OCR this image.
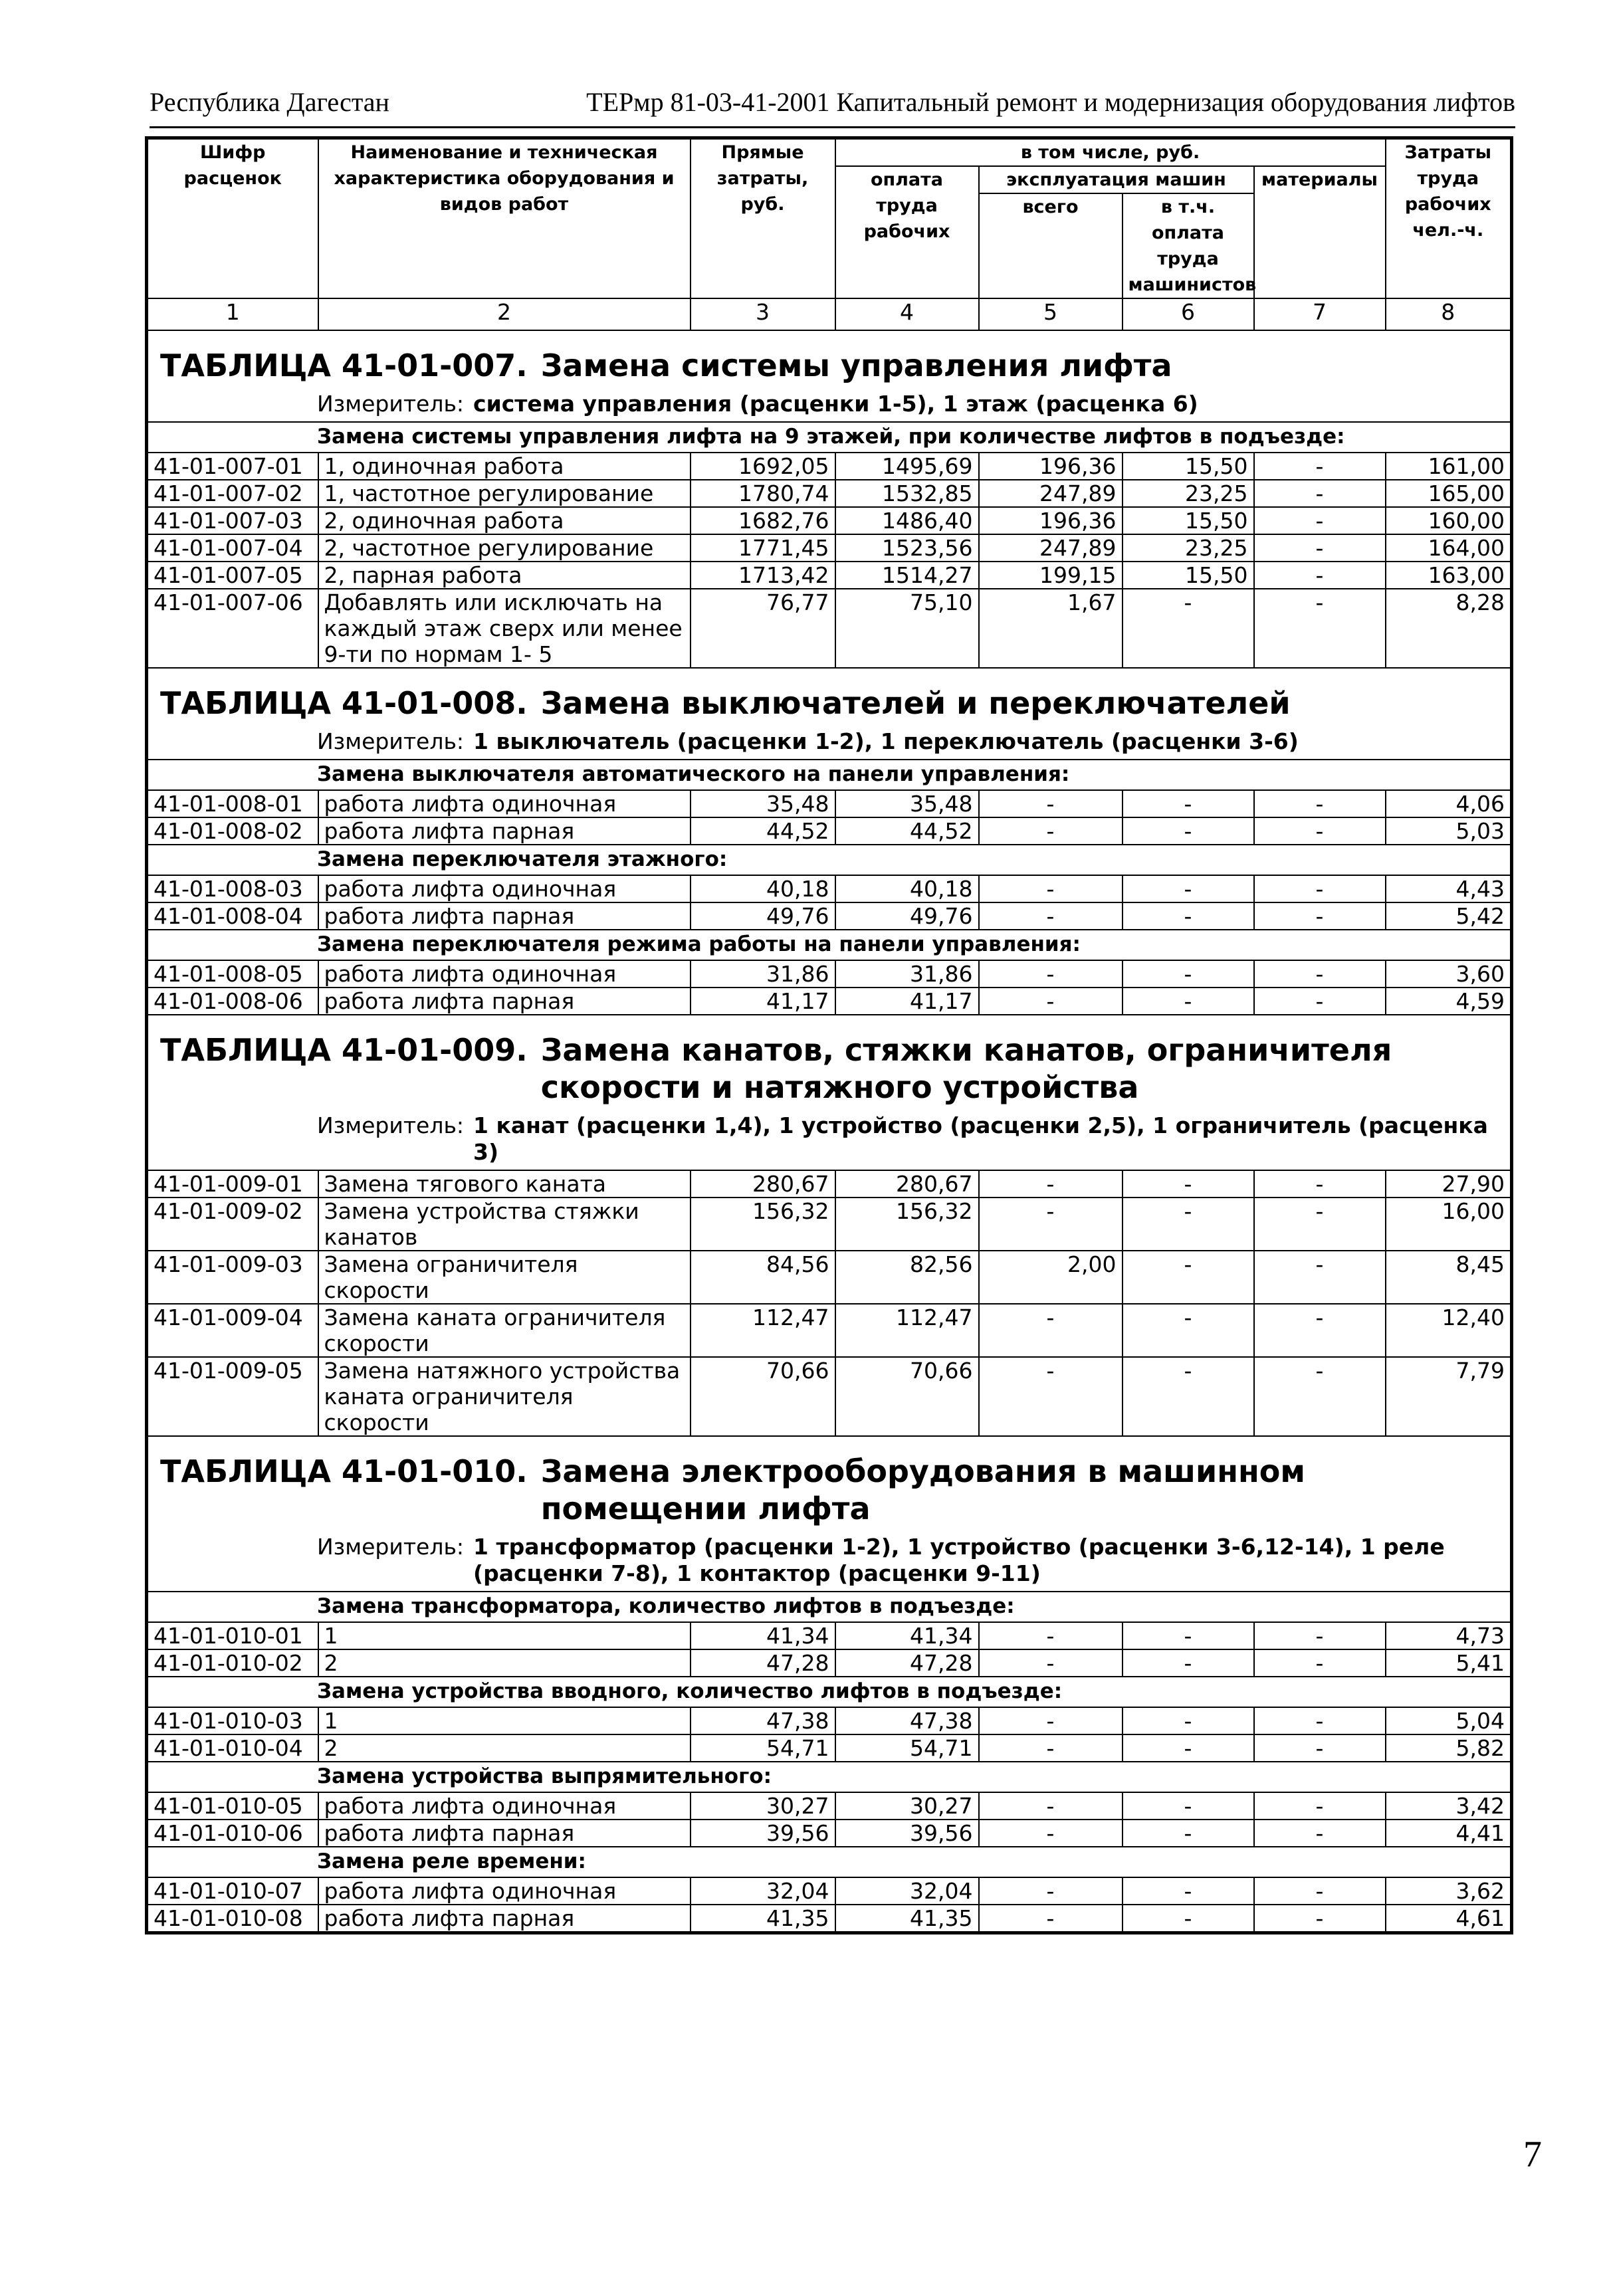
Республика Дагестан	ТЕРмр 81-03-41-2001 Капитальный ремонт и модернизация оборудования лифтов
Шифр расценок	Наименование и техническая характеристика оборудования и видов работ	Прямые затраты, руб.	в том числе, руб.				Затраты труда рабочих чел.-ч.
			оплата труда рабочих	эксплуатация машин		материалы	
				всего	в т.ч. оплата труда машинистов		
1	2	3	4	5	6	7	8

ТАБЛИЦА 41-01-007. Замена системы управления лифта
Измеритель: система управления (расценки 1-5), 1 этаж (расценка 6)							

Замена системы управления лифта на 9 этажей, при количестве лифтов в подъезде:							
41-01-007-01	1, одиночная работа	1692,05	1495,69	196,36	15,50	-	161,00
41-01-007-02	1, частотное регулирование	1780,74	1532,85	247,89	23,25	-	165,00
41-01-007-03	2, одиночная работа	1682,76	1486,40	196,36	15,50	-	160,00
41-01-007-04	2, частотное регулирование	1771,45	1523,56	247,89	23,25	-	164,00
41-01-007-05	2, парная работа	1713,42	1514,27	199,15	15,50	-	163,00
41-01-007-06	Добавлять или исключать на каждый этаж сверх или менее 9-ти по нормам 1- 5	76,77	75,10	1,67	-	-	8,28

ТАБЛИЦА 41-01-008. Замена выключателей и переключателей
Измеритель: 1 выключатель (расценки 1-2), 1 переключатель (расценки 3-6)							

Замена выключателя автоматического на панели управления:							
41-01-008-01	работа лифта одиночная	35,48	35,48	-	-	-	4,06
41-01-008-02	работа лифта парная	44,52	44,52	-	-	-	5,03
Замена переключателя этажного:							
41-01-008-03	работа лифта одиночная	40,18	40,18	-	-	-	4,43
41-01-008-04	работа лифта парная	49,76	49,76	-	-	-	5,42
Замена переключателя режима работы на панели управления:							
41-01-008-05	работа лифта одиночная	31,86	31,86	-	-	-	3,60
41-01-008-06	работа лифта парная	41,17	41,17	-	-	-	4,59

ТАБЛИЦА 41-01-009. Замена канатов, стяжки канатов, ограничителя скорости и натяжного устройства
Измеритель: 1 канат (расценки 1,4), 1 устройство (расценки 2,5), 1 ограничитель (расценка 3)							

41-01-009-01	Замена тягового каната	280,67	280,67	-	-	-	27,90
41-01-009-02	Замена устройства стяжки канатов	156,32	156,32	-	-	-	16,00
41-01-009-03	Замена ограничителя скорости	84,56	82,56	2,00	-	-	8,45
41-01-009-04	Замена каната ограничителя скорости	112,47	112,47	-	-	-	12,40
41-01-009-05	Замена натяжного устройства каната ограничителя скорости	70,66	70,66	-	-	-	7,79

ТАБЛИЦА 41-01-010. Замена электрооборудования в машинном помещении лифта
Измеритель: 1 трансформатор (расценки 1-2), 1 устройство (расценки 3-6,12-14), 1 реле (расценки 7-8), 1 контактор (расценки 9-11)							

Замена трансформатора, количество лифтов в подъезде:							
41-01-010-01	1	41,34	41,34	-	-	-	4,73
41-01-010-02	2	47,28	47,28	-	-	-	5,41
Замена устройства вводного, количество лифтов в подъезде:							
41-01-010-03	1	47,38	47,38	-	-	-	5,04
41-01-010-04	2	54,71	54,71	-	-	-	5,82
Замена устройства выпрямительного:							
41-01-010-05	работа лифта одиночная	30,27	30,27	-	-	-	3,42
41-01-010-06	работа лифта парная	39,56	39,56	-	-	-	4,41
Замена реле времени:							
41-01-010-07	работа лифта одиночная	32,04	32,04	-	-	-	3,62
41-01-010-08	работа лифта парная	41,35	41,35	-	-	-	4,61
7
